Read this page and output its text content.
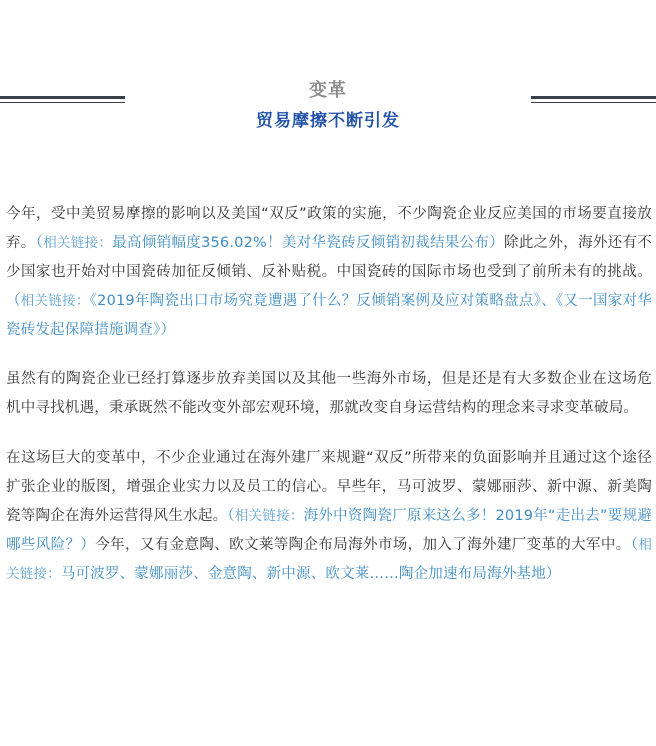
变革
贸易摩擦不断引发

今年，受中美贸易摩擦的影响以及美国“双反”政策的实施，不少陶瓷企业反应美国的市场要直接放弃。（相关链接：最高倾销幅度356.02%！美对华瓷砖反倾销初裁结果公布）除此之外，海外还有不少国家也开始对中国瓷砖加征反倾销、反补贴税。中国瓷砖的国际市场也受到了前所未有的挑战。（相关链接：《2019年陶瓷出口市场究竟遭遇了什么？反倾销案例及应对策略盘点》、《又一国家对华瓷砖发起保障措施调查》）

虽然有的陶瓷企业已经打算逐步放弃美国以及其他一些海外市场，但是还是有大多数企业在这场危机中寻找机遇，秉承既然不能改变外部宏观环境，那就改变自身运营结构的理念来寻求变革破局。

在这场巨大的变革中，不少企业通过在海外建厂来规避“双反”所带来的负面影响并且通过这个途径扩张企业的版图，增强企业实力以及员工的信心。早些年，马可波罗、蒙娜丽莎、新中源、新美陶瓷等陶企在海外运营得风生水起。（相关链接：海外中资陶瓷厂原来这么多！2019年“走出去”要规避哪些风险？）今年，又有金意陶、欧文莱等陶企布局海外市场，加入了海外建厂变革的大军中。（相关链接：马可波罗、蒙娜丽莎、金意陶、新中源、欧文莱……陶企加速布局海外基地）
